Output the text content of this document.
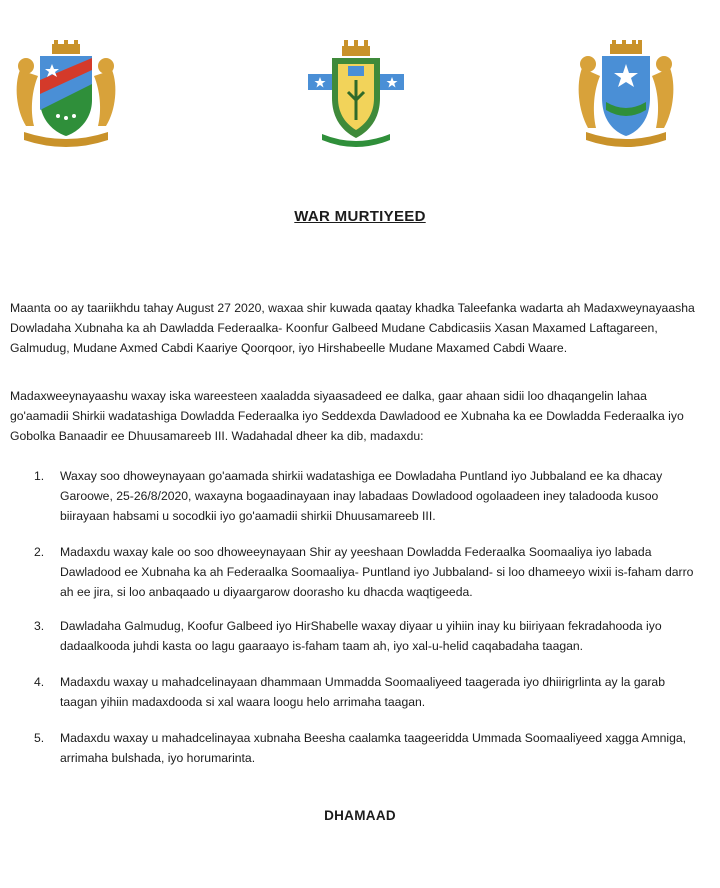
WAR MURTIYEED

Maanta oo ay taariikhdu tahay August 27 2020, waxaa shir kuwada qaatay khadka Taleefanka wadarta ah Madaxweynayaasha Dowladaha Xubnaha ka ah Dawladda Federaalka- Koonfur Galbeed Mudane Cabdicasiis Xasan Maxamed Laftagareen, Galmudug, Mudane Axmed Cabdi Kaariye Qoorqoor, iyo Hirshabeelle Mudane Maxamed Cabdi Waare.

Madaxweeynayaashu waxay iska wareesteen xaaladda siyaasadeed ee dalka, gaar ahaan sidii loo dhaqangelin lahaa go'aamadii Shirkii wadatashiga Dowladda Federaalka iyo Seddexda Dawladood ee Xubnaha ka ee Dowladda Federaalka iyo Gobolka Banaadir ee Dhuusamareeb III. Wadahadal dheer ka dib, madaxdu:

1.	Waxay soo dhoweynayaan go'aamada shirkii wadatashiga ee Dowladaha Puntland iyo Jubbaland ee ka dhacay Garoowe, 25-26/8/2020, waxayna bogaadinayaan inay labadaas Dowladood ogolaadeen iney taladooda kusoo biirayaan habsami u socodkii iyo go'aamadii shirkii Dhuusamareeb III.
2.	Madaxdu waxay kale oo soo dhoweeynayaan Shir ay yeeshaan Dowladda Federaalka Soomaaliya iyo labada Dawladood ee Xubnaha ka ah Federaalka Soomaaliya- Puntland iyo Jubbaland- si loo dhameeyo wixii is-faham darro ah ee jira, si loo anbaqaado u diyaargarow doorasho ku dhacda waqtigeeda.
3.	Dawladaha Galmudug, Koofur Galbeed iyo HirShabelle waxay diyaar u yihiin inay ku biiriyaan fekradahooda iyo dadaalkooda juhdi kasta oo lagu gaaraayo is-faham taam ah, iyo xal-u-helid caqabadaha taagan.
4.	Madaxdu waxay u mahadcelinayaan dhammaan Ummadda Soomaaliyeed taagerada iyo dhiirigrlinta ay la garab taagan yihiin madaxdooda si xal waara loogu helo arrimaha taagan.
5.	Madaxdu waxay u mahadcelinayaa xubnaha Beesha caalamka taageeridda Ummada Soomaaliyeed xagga Amniga, arrimaha bulshada, iyo horumarinta.
DHAMAAD
